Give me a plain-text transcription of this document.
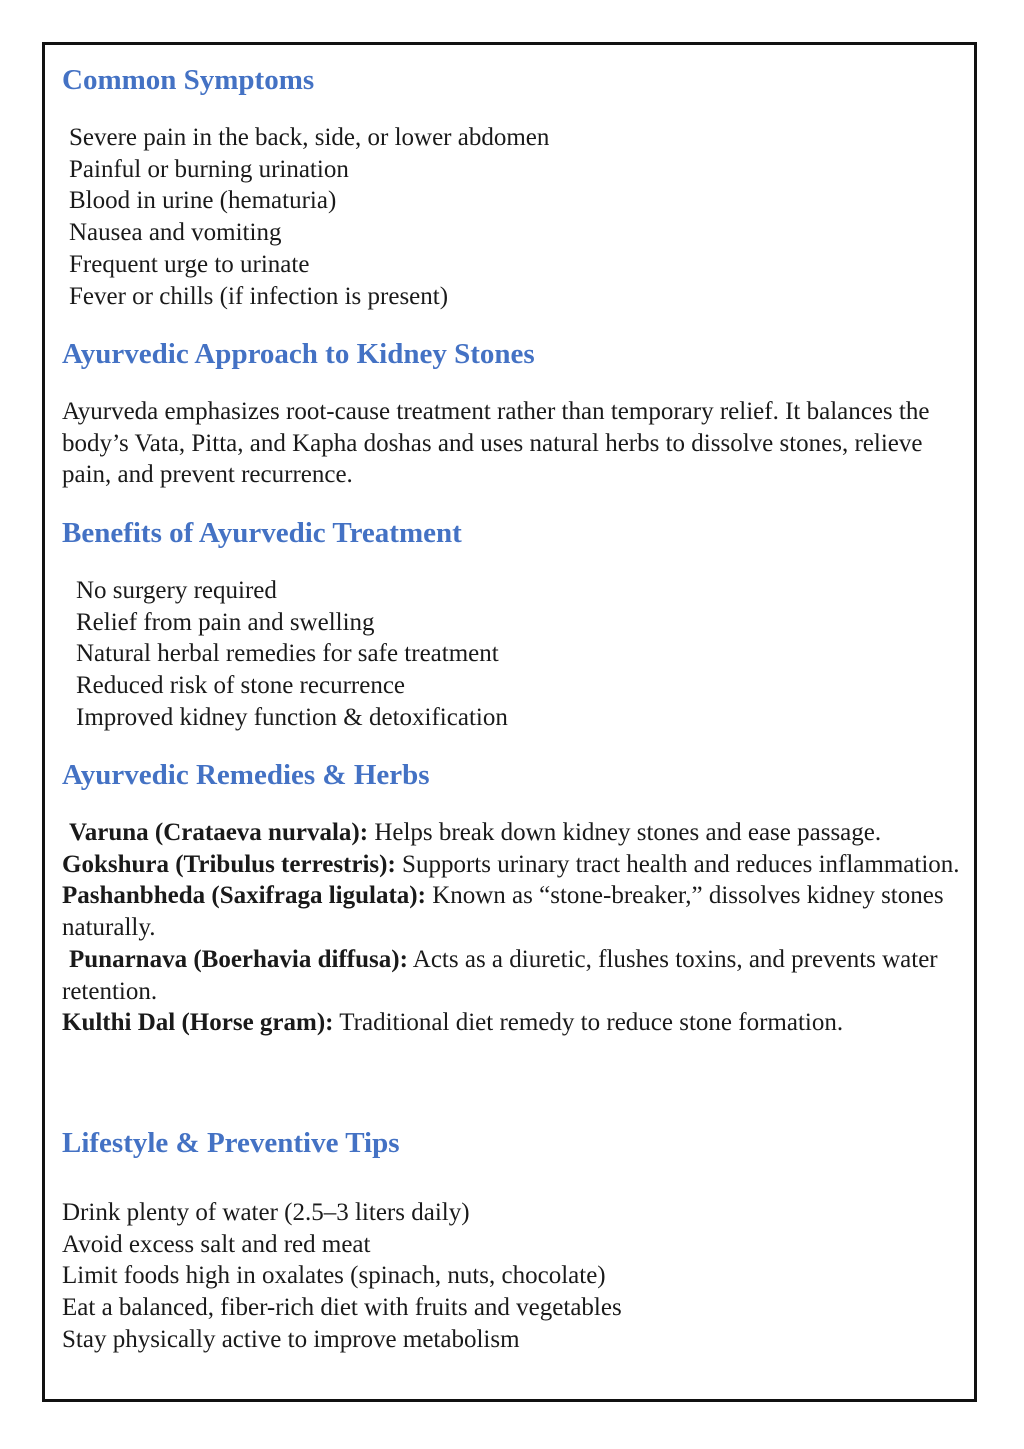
Common Symptoms
Severe pain in the back, side, or lower abdomen
Painful or burning urination
Blood in urine (hematuria)
Nausea and vomiting
Frequent urge to urinate
Fever or chills (if infection is present)
Ayurvedic Approach to Kidney Stones

Ayurveda emphasizes root-cause treatment rather than temporary relief. It balances the body’s Vata, Pitta, and Kapha doshas and uses natural herbs to dissolve stones, relieve pain, and prevent recurrence.

Benefits of Ayurvedic Treatment
No surgery required
Relief from pain and swelling
Natural herbal remedies for safe treatment
Reduced risk of stone recurrence
Improved kidney function & detoxification
Ayurvedic Remedies & Herbs

Varuna (Crataeva nurvala): Helps break down kidney stones and ease passage.

Gokshura (Tribulus terrestris): Supports urinary tract health and reduces inflammation.

Pashanbheda (Saxifraga ligulata): Known as “stone-breaker,” dissolves kidney stones naturally.

Punarnava (Boerhavia diffusa): Acts as a diuretic, flushes toxins, and prevents water retention.

Kulthi Dal (Horse gram): Traditional diet remedy to reduce stone formation.

Lifestyle & Preventive Tips
Drink plenty of water (2.5–3 liters daily)
Avoid excess salt and red meat
Limit foods high in oxalates (spinach, nuts, chocolate)
Eat a balanced, fiber-rich diet with fruits and vegetables
Stay physically active to improve metabolism
